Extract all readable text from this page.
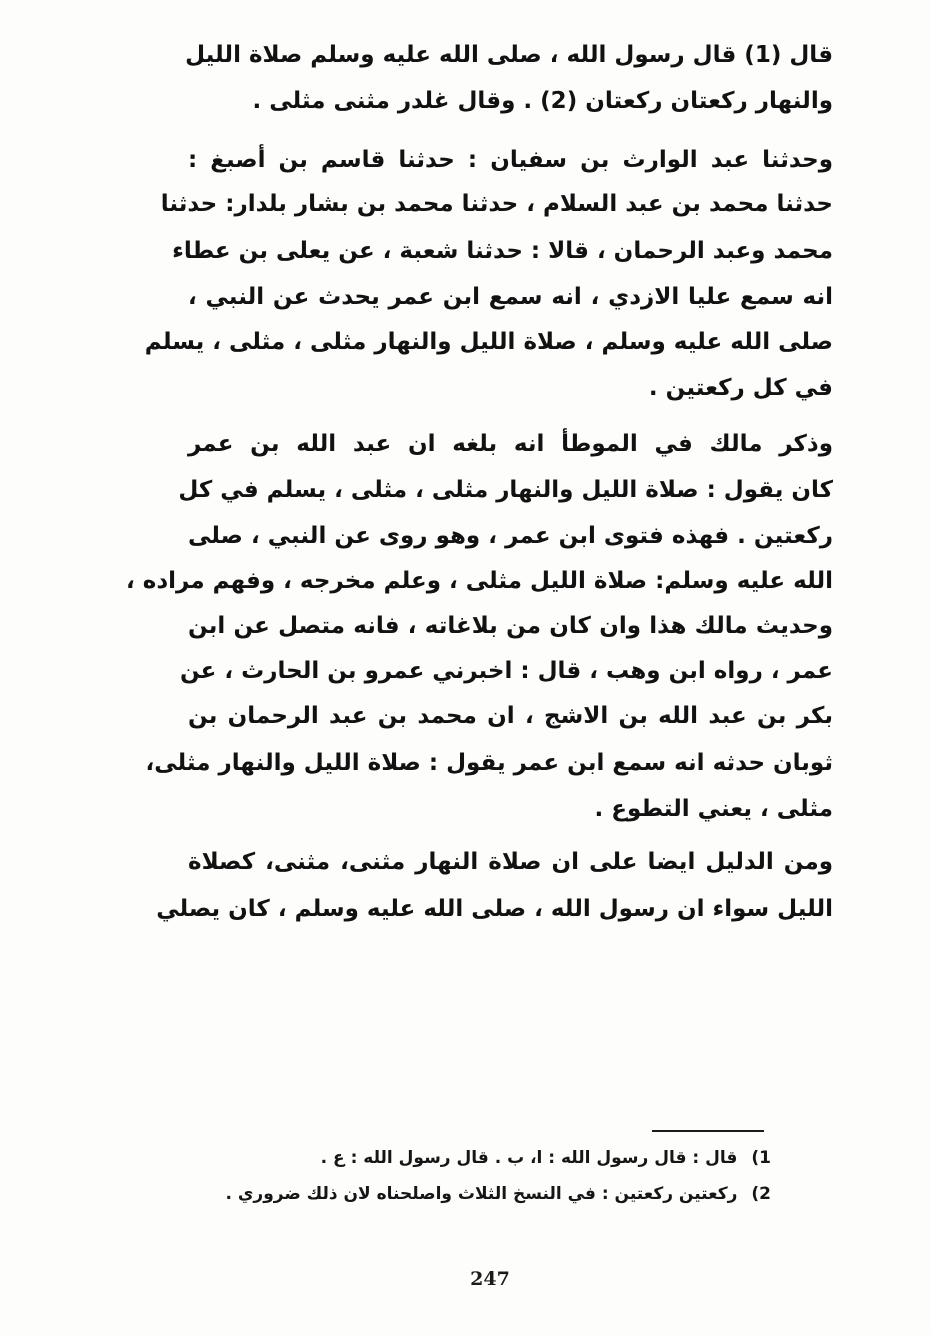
قال (1) قال رسول الله ، صلى الله عليه وسلم صلاة الليل
والنهار ركعتان ركعتان (2) . وقال غلدر مثنى مثلى .
وحدثنا عبد الوارث بن سفيان : حدثنا قاسم بن أصبغ :
حدثنا محمد بن عبد السلام ، حدثنا محمد بن بشار بلدار: حدثنا
محمد وعبد الرحمان ، قالا : حدثنا شعبة ، عن يعلى بن عطاء
انه سمع عليا الازدي ، انه سمع ابن عمر يحدث عن النبي ،
صلى الله عليه وسلم ، صلاة الليل والنهار مثلى ، مثلى ، يسلم
في كل ركعتين .
وذكر مالك في الموطأ انه بلغه ان عبد الله بن عمر
كان يقول : صلاة الليل والنهار مثلى ، مثلى ، يسلم في كل
ركعتين . فهذه فتوى ابن عمر ، وهو روى عن النبي ، صلى
الله عليه وسلم: صلاة الليل مثلى ، وعلم مخرجه ، وفهم مراده ،
وحديث مالك هذا وان كان من بلاغاته ، فانه متصل عن ابن
عمر ، رواه ابن وهب ، قال : اخبرني عمرو بن الحارث ، عن
بكر بن عبد الله بن الاشج ، ان محمد بن عبد الرحمان بن
ثوبان حدثه انه سمع ابن عمر يقول : صلاة الليل والنهار مثلى،
مثلى ، يعني التطوع .
ومن الدليل ايضا على ان صلاة النهار مثنى، مثنى، كصلاة
الليل سواء ان رسول الله ، صلى الله عليه وسلم ، كان يصلي
1)قال : قال رسول الله : ا، ب . قال رسول الله : ع .
2)ركعتين ركعتين : في النسخ الثلاث واصلحناه لان ذلك ضروري .
247
